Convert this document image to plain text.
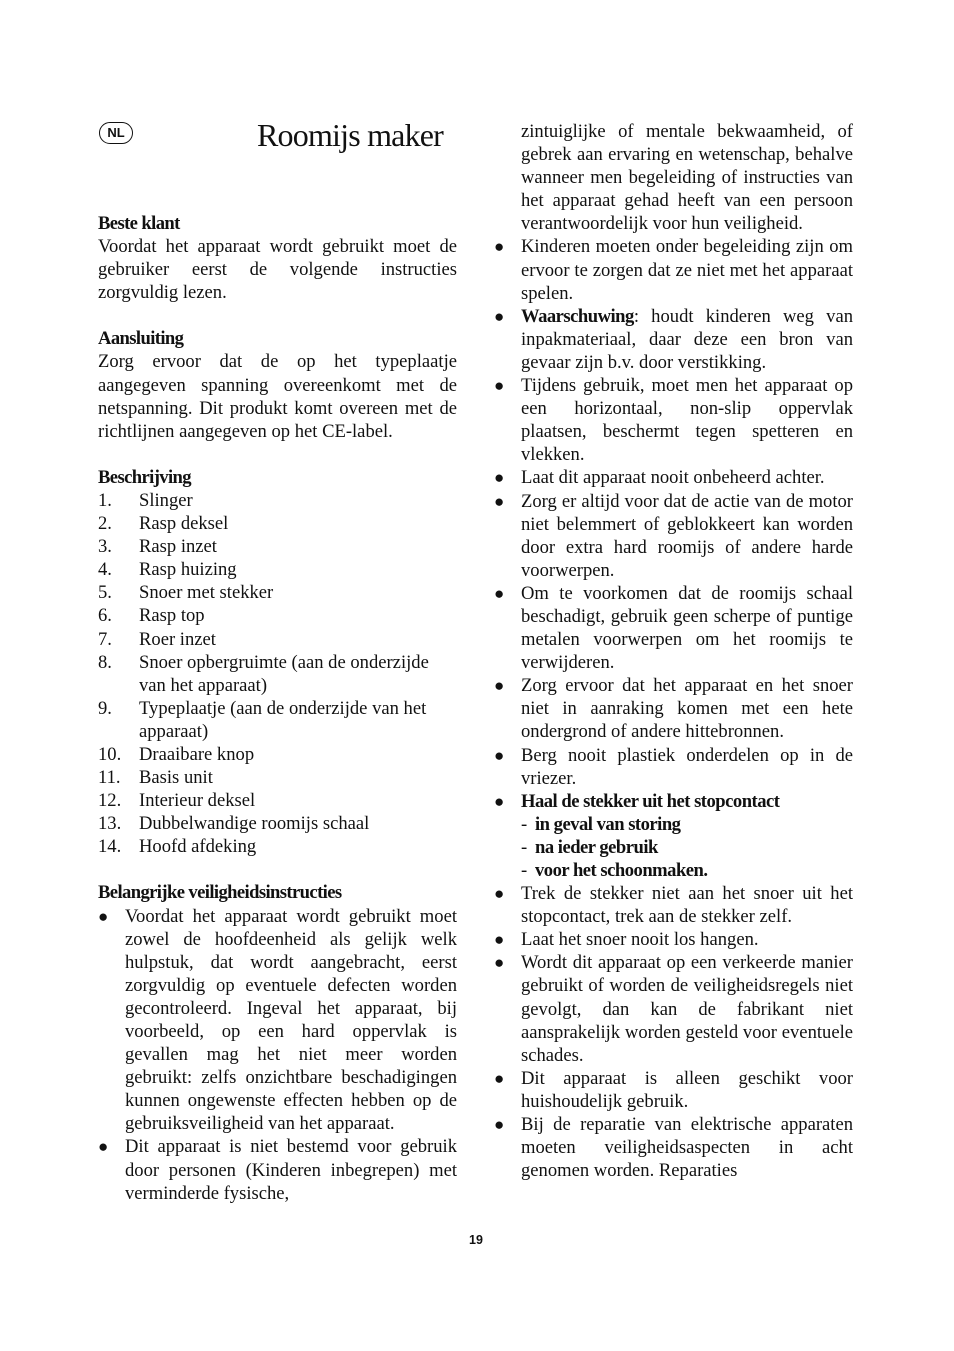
NL	Roomijs maker
Beste klant
Voordat het apparaat wordt gebruikt moet de gebruiker eerst de volgende instructies zorgvuldig lezen.
Aansluiting
Zorg ervoor dat de op het typeplaatje aangegeven spanning overeenkomt met de netspanning. Dit produkt komt overeen met de richtlijnen aangegeven op het CE-label.
Beschrijving
1.	Slinger
2.	Rasp deksel
3.	Rasp inzet
4.	Rasp huizing
5.	Snoer met stekker
6.	Rasp top
7.	Roer inzet
8.	Snoer opbergruimte (aan de onderzijde van het apparaat)
9.	Typeplaatje (aan de onderzijde van het apparaat)
10. Draaibare knop
11. Basis unit
12. Interieur deksel
13. Dubbelwandige roomijs schaal
14. Hoofd afdeking
Belangrijke veiligheidsinstructies
● Voordat het apparaat wordt gebruikt moet zowel de hoofdeenheid als gelijk welk hulpstuk, dat wordt aangebracht, eerst zorgvuldig op eventuele defecten worden gecontroleerd. Ingeval het apparaat, bij voorbeeld, op een hard oppervlak is gevallen mag het niet meer worden gebruikt: zelfs onzichtbare beschadigingen kunnen ongewenste effecten hebben op de gebruiksveiligheid van het apparaat.
● Dit apparaat is niet bestemd voor gebruik door personen (Kinderen inbegrepen) met verminderde fysische,
zintuiglijke of mentale bekwaamheid, of gebrek aan ervaring en wetenschap, behalve wanneer men begeleiding of instructies van het apparaat gehad heeft van een persoon verantwoordelijk voor hun veiligheid.
● Kinderen moeten onder begeleiding zijn om ervoor te zorgen dat ze niet met het apparaat spelen.
● Waarschuwing: houdt kinderen weg van inpakmateriaal, daar deze een bron van gevaar zijn b.v. door verstikking.
● Tijdens gebruik, moet men het apparaat op een horizontaal, non-slip oppervlak plaatsen, beschermt tegen spetteren en vlekken.
● Laat dit apparaat nooit onbeheerd achter.
● Zorg er altijd voor dat de actie van de motor niet belemmert of geblokkeert kan worden door extra hard roomijs of andere harde voorwerpen.
● Om te voorkomen dat de roomijs schaal beschadigt, gebruik geen scherpe of puntige metalen voorwerpen om het roomijs te verwijderen.
● Zorg ervoor dat het apparaat en het snoer niet in aanraking komen met een hete ondergrond of andere hittebronnen.
● Berg nooit plastiek onderdelen op in de vriezer.
● Haal de stekker uit het stopcontact
- in geval van storing
- na ieder gebruik
- voor het schoonmaken.
● Trek de stekker niet aan het snoer uit het stopcontact, trek aan de stekker zelf.
● Laat het snoer nooit los hangen.
● Wordt dit apparaat op een verkeerde manier gebruikt of worden de veiligheidsregels niet gevolgt, dan kan de fabrikant niet aansprakelijk worden gesteld voor eventuele schades.
● Dit apparaat is alleen geschikt voor huishoudelijk gebruik.
● Bij de reparatie van elektrische apparaten moeten veiligheidsaspecten in acht genomen worden. Reparaties
19
